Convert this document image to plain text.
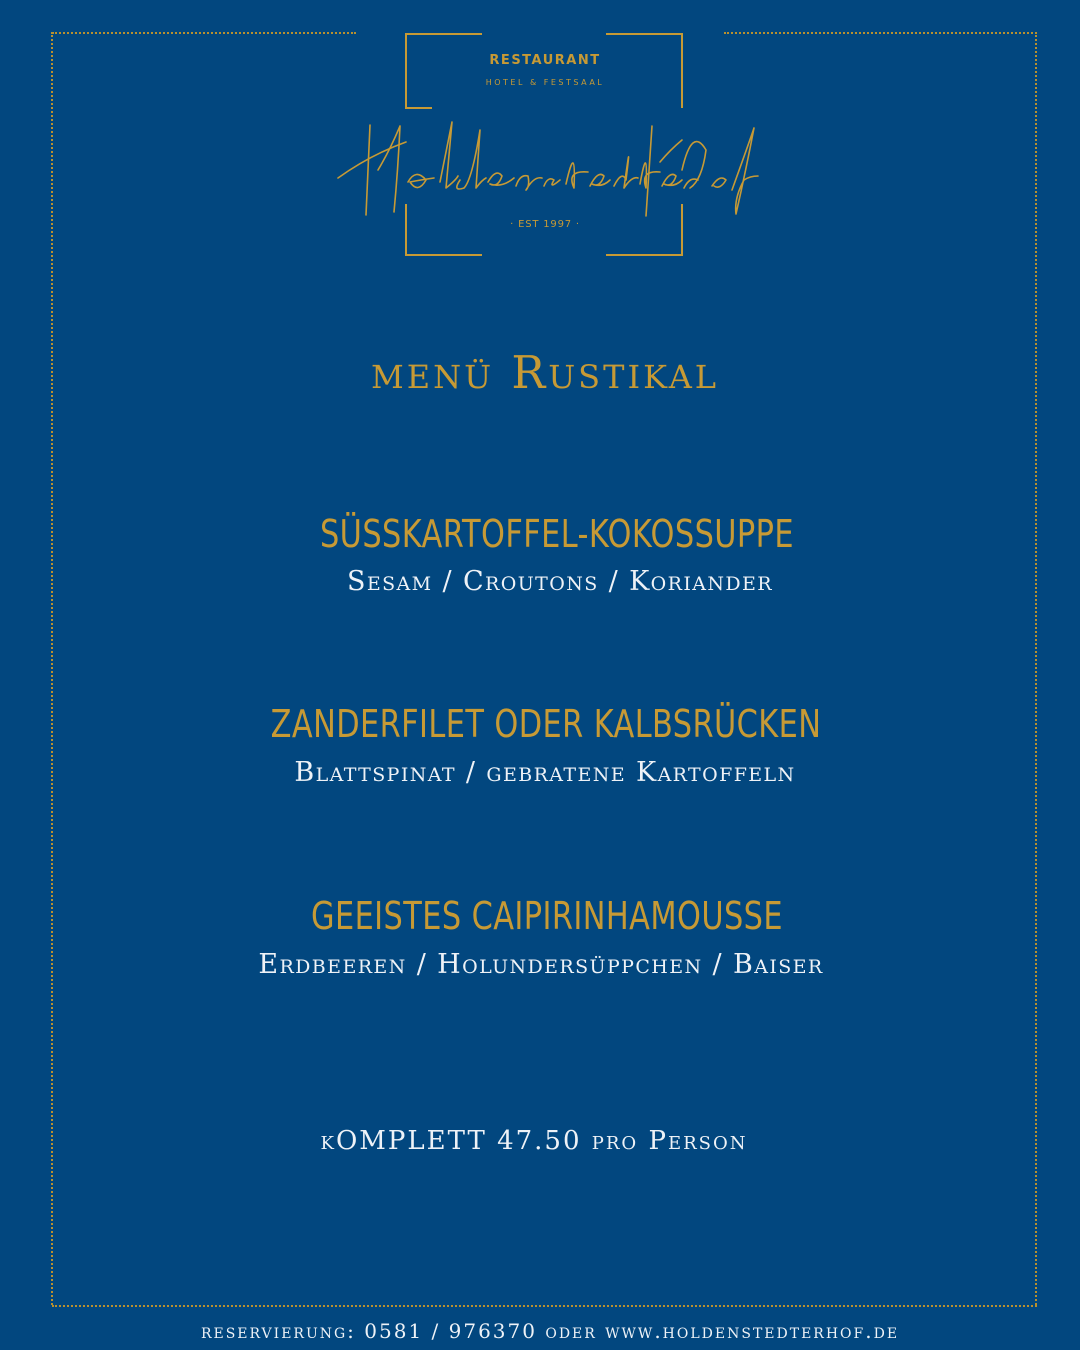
RESTAURANT
HOTEL & FESTSAAL
· EST 1997 ·
menü Rustikal
SÜSSKARTOFFEL-KOKOSSUPPE
Sesam / Croutons / Koriander
ZANDERFILET ODER KALBSRÜCKEN
Blattspinat / gebratene Kartoffeln
GEEISTES CAIPIRINHAMOUSSE
Erdbeeren / Holundersüppchen / Baiser
kOMPLETT 47.50 pro Person
reservierung: 0581 / 976370 oder www.holdenstedterhof.de
